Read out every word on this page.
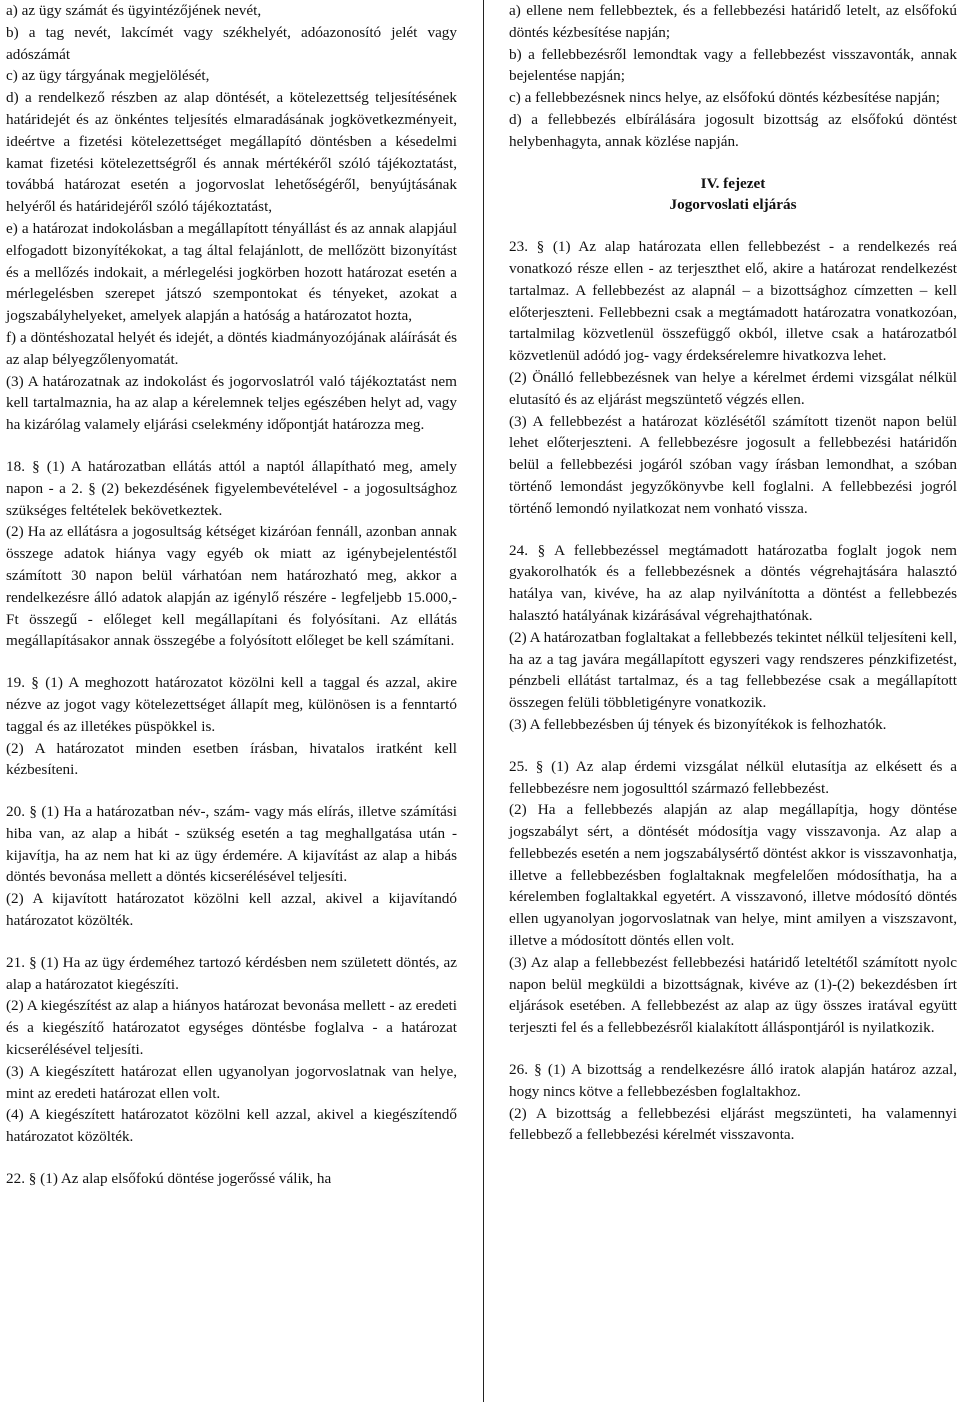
a) az ügy számát és ügyintézőjének nevét,

b) a tag nevét, lakcímét vagy székhelyét, adóazonosító jelét vagy adószámát

c) az ügy tárgyának megjelölését,

d) a rendelkező részben az alap döntését, a kötelezettség teljesítésének határidejét és az önkéntes teljesítés elmaradásának jogkövetkezményeit, ideértve a fizetési kötelezettséget megállapító döntésben a késedelmi kamat fizetési kötelezettségről és annak mértékéről szóló tájékoztatást, továbbá határozat esetén a jogorvoslat lehetőségéről, benyújtásának helyéről és határidejéről szóló tájékoztatást,

e) a határozat indokolásban a megállapított tényállást és az annak alapjául elfogadott bizonyítékokat, a tag által felajánlott, de mellőzött bizonyítást és a mellőzés indokait, a mérlegelési jogkörben hozott határozat esetén a mérlegelésben szerepet játszó szempontokat és tényeket, azokat a jogszabályhelyeket, amelyek alapján a hatóság a határozatot hozta,

f) a döntéshozatal helyét és idejét, a döntés kiadmányozójának aláírását és az alap bélyegzőlenyomatát.

(3) A határozatnak az indokolást és jogorvoslatról való tájékoztatást nem kell tartalmaznia, ha az alap a kérelemnek teljes egészében helyt ad, vagy ha kizárólag valamely eljárási cselekmény időpontját határozza meg.

18. § (1) A határozatban ellátás attól a naptól állapítható meg, amely napon - a 2. § (2) bekezdésének figyelembevételével - a jogosultsághoz szükséges feltételek bekövetkeztek.

(2) Ha az ellátásra a jogosultság kétséget kizáróan fennáll, azonban annak összege adatok hiánya vagy egyéb ok miatt az igénybejelentéstől számított 30 napon belül várhatóan nem határozható meg, akkor a rendelkezésre álló adatok alapján az igénylő részére - legfeljebb 15.000,- Ft összegű - előleget kell megállapítani és folyósítani. Az ellátás megállapításakor annak összegébe a folyósított előleget be kell számítani.

19. § (1) A meghozott határozatot közölni kell a taggal és azzal, akire nézve az jogot vagy kötelezettséget állapít meg, különösen is a fenntartó taggal és az illetékes püspökkel is.

(2) A határozatot minden esetben írásban, hivatalos iratként kell kézbesíteni.

20. § (1) Ha a határozatban név-, szám- vagy más elírás, illetve számítási hiba van, az alap a hibát - szükség esetén a tag meghallgatása után - kijavítja, ha az nem hat ki az ügy érdemére. A kijavítást az alap a hibás döntés bevonása mellett a döntés kicserélésével teljesíti.

(2) A kijavított határozatot közölni kell azzal, akivel a kijavítandó határozatot közölték.

21. § (1) Ha az ügy érdeméhez tartozó kérdésben nem született döntés, az alap a határozatot kiegészíti.

(2) A kiegészítést az alap a hiányos határozat bevonása mellett - az eredeti és a kiegészítő határozatot egységes döntésbe foglalva - a határozat kicserélésével teljesíti.

(3) A kiegészített határozat ellen ugyanolyan jogorvoslatnak van helye, mint az eredeti határozat ellen volt.

(4) A kiegészített határozatot közölni kell azzal, akivel a kiegészítendő határozatot közölték.

22. § (1) Az alap elsőfokú döntése jogerőssé válik, ha

a) ellene nem fellebbeztek, és a fellebbezési határidő letelt, az elsőfokú döntés kézbesítése napján;

b) a fellebbezésről lemondtak vagy a fellebbezést visszavonták, annak bejelentése napján;

c) a fellebbezésnek nincs helye, az elsőfokú döntés kézbesítése napján;

d) a fellebbezés elbírálására jogosult bizottság az elsőfokú döntést helybenhagyta, annak közlése napján.

IV. fejezet

Jogorvoslati eljárás

23. § (1) Az alap határozata ellen fellebbezést - a rendelkezés reá vonatkozó része ellen - az terjeszthet elő, akire a határozat rendelkezést tartalmaz. A fellebbezést az alapnál – a bizottsághoz címzetten – kell előterjeszteni. Fellebbezni csak a megtámadott határozatra vonatkozóan, tartalmilag közvetlenül összefüggő okból, illetve csak a határozatból közvetlenül adódó jog- vagy érdeksérelemre hivatkozva lehet.

(2) Önálló fellebbezésnek van helye a kérelmet érdemi vizsgálat nélkül elutasító és az eljárást megszüntető végzés ellen.

(3) A fellebbezést a határozat közlésétől számított tizenöt napon belül lehet előterjeszteni. A fellebbezésre jogosult a fellebbezési határidőn belül a fellebbezési jogáról szóban vagy írásban lemondhat, a szóban történő lemondást jegyzőkönyvbe kell foglalni. A fellebbezési jogról történő lemondó nyilatkozat nem vonható vissza.

24. § A fellebbezéssel megtámadott határozatba foglalt jogok nem gyakorolhatók és a fellebbezésnek a döntés végrehajtására halasztó hatálya van, kivéve, ha az alap nyilvánította a döntést a fellebbezés halasztó hatályának kizárásával végrehajthatónak.

(2) A határozatban foglaltakat a fellebbezés tekintet nélkül teljesíteni kell, ha az a tag javára megállapított egyszeri vagy rendszeres pénzkifizetést, pénzbeli ellátást tartalmaz, és a tag fellebbezése csak a megállapított összegen felüli többletigényre vonatkozik.

(3) A fellebbezésben új tények és bizonyítékok is felhozhatók.

25. § (1) Az alap érdemi vizsgálat nélkül elutasítja az elkésett és a fellebbezésre nem jogosulttól származó fellebbezést.

(2) Ha a fellebbezés alapján az alap megállapítja, hogy döntése jogszabályt sért, a döntését módosítja vagy visszavonja. Az alap a fellebbezés esetén a nem jogszabálysértő döntést akkor is visszavonhatja, illetve a fellebbezésben foglaltaknak megfelelően módosíthatja, ha a kérelemben foglaltakkal egyetért. A visszavonó, illetve módosító döntés ellen ugyanolyan jogorvoslatnak van helye, mint amilyen a viszszavont, illetve a módosított döntés ellen volt.

(3) Az alap a fellebbezést fellebbezési határidő leteltétől számított nyolc napon belül megküldi a bizottságnak, kivéve az (1)-(2) bekezdésben írt eljárások esetében. A fellebbezést az alap az ügy összes iratával együtt terjeszti fel és a fellebbezésről kialakított álláspontjáról is nyilatkozik.

26. § (1) A bizottság a rendelkezésre álló iratok alapján határoz azzal, hogy nincs kötve a fellebbezésben foglaltakhoz.

(2) A bizottság a fellebbezési eljárást megszünteti, ha valamennyi fellebbező a fellebbezési kérelmét visszavonta.
